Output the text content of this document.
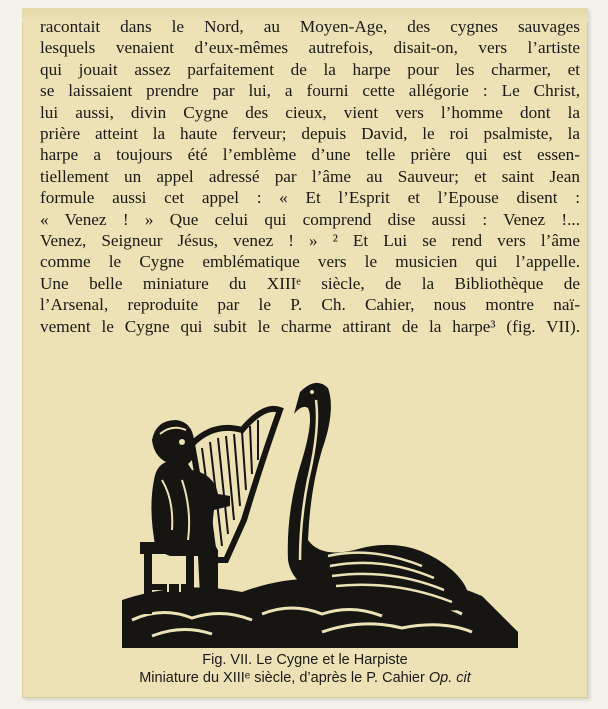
racontait dans le Nord, au Moyen-Age, des cygnes sauvages
lesquels venaient d’eux-mêmes autrefois, disait-on, vers l’artiste
qui jouait assez parfaitement de la harpe pour les charmer, et
se laissaient prendre par lui, a fourni cette allégorie : Le Christ,
lui aussi, divin Cygne des cieux, vient vers l’homme dont la
prière atteint la haute ferveur; depuis David, le roi psalmiste, la
harpe a toujours été l’emblème d’une telle prière qui est essen-
tiellement un appel adressé par l’âme au Sauveur; et saint Jean
formule aussi cet appel : « Et l’Esprit et l’Epouse disent :
« Venez ! » Que celui qui comprend dise aussi : Venez !...
Venez, Seigneur Jésus, venez ! » ² Et Lui se rend vers l’âme
comme le Cygne emblématique vers le musicien qui l’appelle.
Une belle miniature du XIIIᵉ siècle, de la Bibliothèque de
l’Arsenal, reproduite par le P. Ch. Cahier, nous montre naï-
vement le Cygne qui subit le charme attirant de la harpe³ (fig. VII).
LCL
Fig. VII. Le Cygne et le Harpiste
Miniature du XIIIᵉ siècle, d’après le P. Cahier Op. cit
